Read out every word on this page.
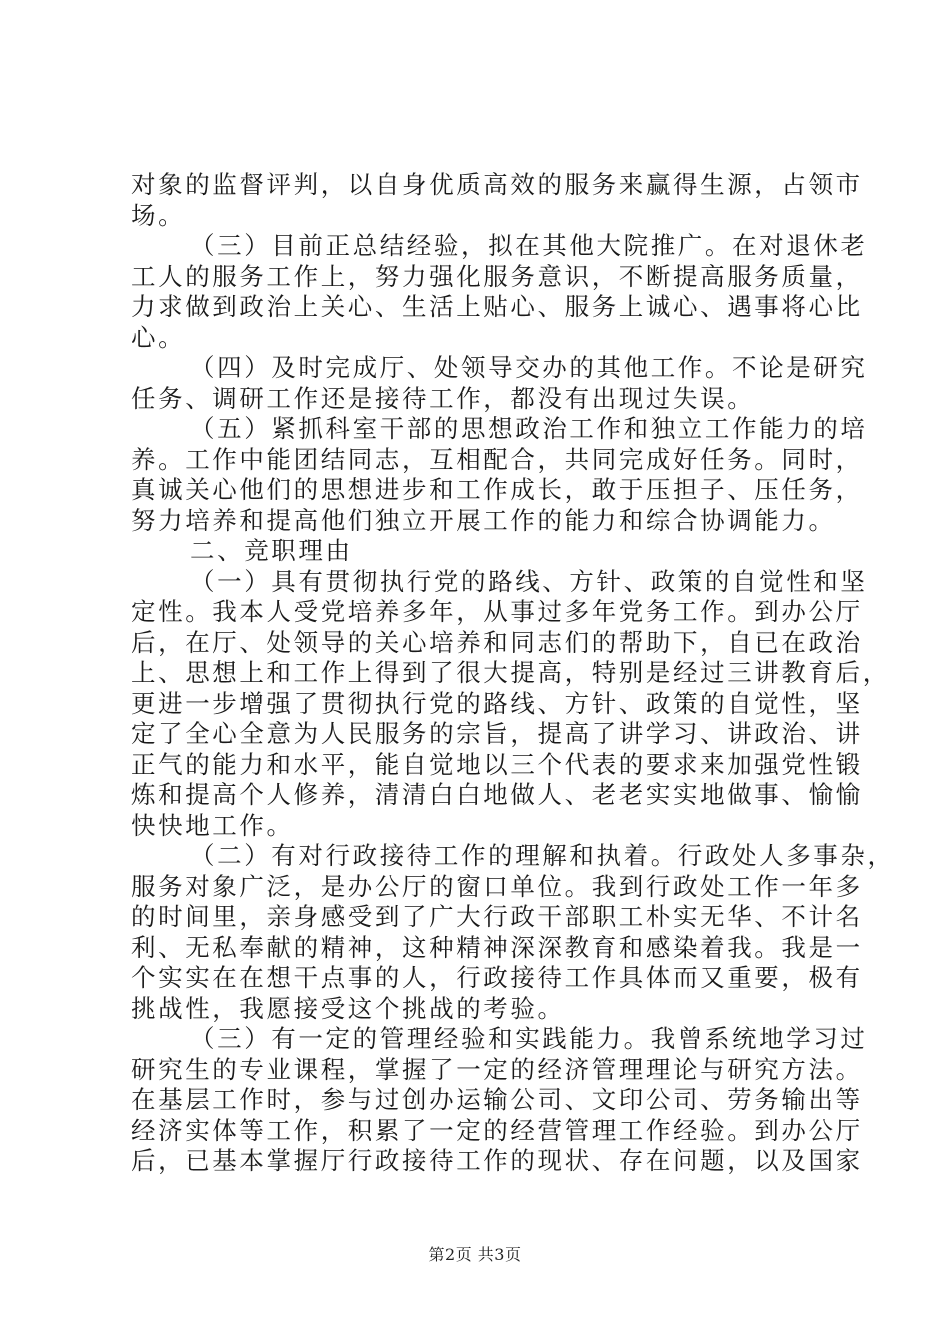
对象的监督评判，以自身优质高效的服务来赢得生源，占领市
场。
（三）目前正总结经验，拟在其他大院推广。在对退休老
工人的服务工作上，努力强化服务意识，不断提高服务质量，
力求做到政治上关心、生活上贴心、服务上诚心、遇事将心比
心。
（四）及时完成厅、处领导交办的其他工作。不论是研究
任务、调研工作还是接待工作，都没有出现过失误。
（五）紧抓科室干部的思想政治工作和独立工作能力的培
养。工作中能团结同志，互相配合，共同完成好任务。同时，
真诚关心他们的思想进步和工作成长，敢于压担子、压任务，
努力培养和提高他们独立开展工作的能力和综合协调能力。
二、竞职理由
（一）具有贯彻执行党的路线、方针、政策的自觉性和坚
定性。我本人受党培养多年，从事过多年党务工作。到办公厅
后，在厅、处领导的关心培养和同志们的帮助下，自已在政治
上、思想上和工作上得到了很大提高，特别是经过三讲教育后，
更进一步增强了贯彻执行党的路线、方针、政策的自觉性，坚
定了全心全意为人民服务的宗旨，提高了讲学习、讲政治、讲
正气的能力和水平，能自觉地以三个代表的要求来加强党性锻
炼和提高个人修养，清清白白地做人、老老实实地做事、愉愉
快快地工作。
（二）有对行政接待工作的理解和执着。行政处人多事杂，
服务对象广泛，是办公厅的窗口单位。我到行政处工作一年多
的时间里，亲身感受到了广大行政干部职工朴实无华、不计名
利、无私奉献的精神，这种精神深深教育和感染着我。我是一
个实实在在想干点事的人，行政接待工作具体而又重要，极有
挑战性，我愿接受这个挑战的考验。
（三）有一定的管理经验和实践能力。我曾系统地学习过
研究生的专业课程，掌握了一定的经济管理理论与研究方法。
在基层工作时，参与过创办运输公司、文印公司、劳务输出等
经济实体等工作，积累了一定的经营管理工作经验。到办公厅
后，已基本掌握厅行政接待工作的现状、存在问题，以及国家
第2页 共3页
